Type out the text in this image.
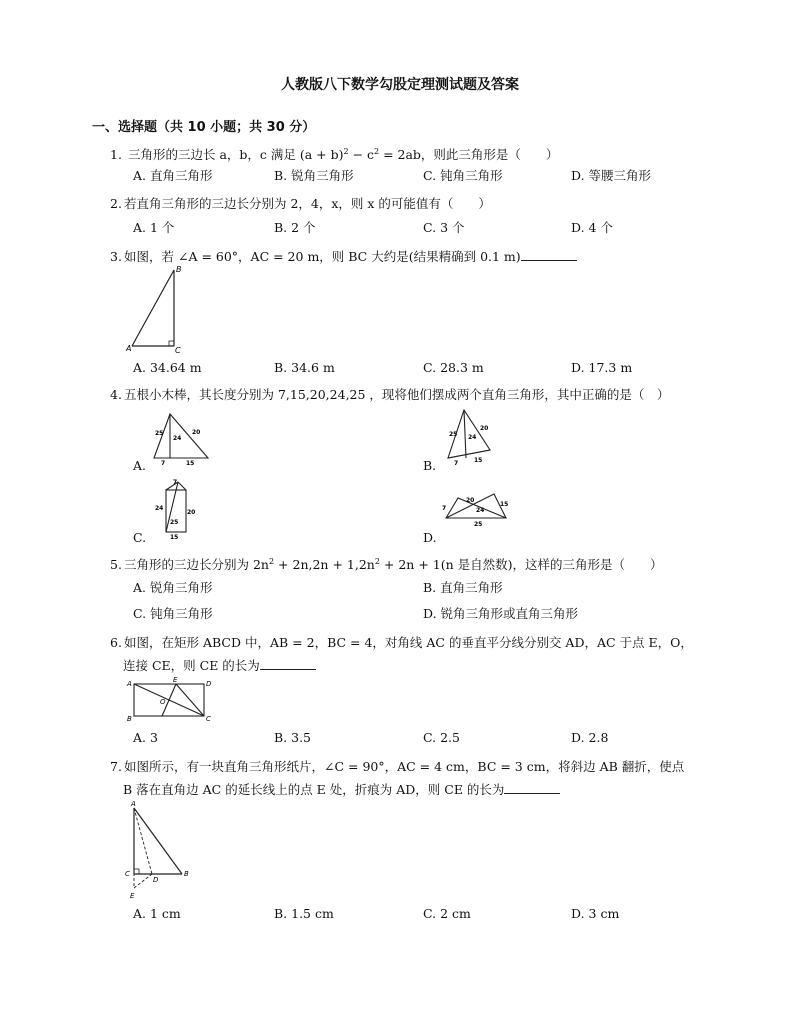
人教版八下数学勾股定理测试题及答案
一、选择题（共 10 小题；共 30 分）
1. 三角形的三边长 a，b，c 满足 $(a + b)^2 - c^2 = 2ab$，则此三角形是（　　）
A. 直角三角形	B. 锐角三角形	C. 钝角三角形	D. 等腰三角形
2. 若直角三角形的三边长分别为 2，4，x，则 x 的可能值有（　　）
A. 1 个	B. 2 个	C. 3 个	D. 4 个
3. 如图，若 ∠A = 60°，AC = 20 m，则 BC 大约是(结果精确到 0.1 m)
B
A	C
A. 34.64 m	B. 34.6 m	C. 28.3 m	D. 17.3 m
4. 五根小木棒，其长度分别为 7,15,20,24,25 ，现将他们摆成两个直角三角形，其中正确的是（　）
A.
25
24
20
7	15	B.
25 24
20
7	15
C.
7
24
25
20
15	D.
7
20
24
15
25
5. 三角形的三边长分别为 $2n^2 + 2n,2n + 1,2n^2 + 2n + 1(n$ 是自然数)，这样的三角形是（　　）
A. 锐角三角形	B. 直角三角形
C. 钝角三角形	D. 锐角三角形或直角三角形
6. 如图，在矩形 ABCD 中，AB = 2，BC = 4，对角线 AC 的垂直平分线分别交 AD，AC 于点 E，O，
连接 CE，则 CE 的长为
A	E	D
O
B	C
A. 3	B. 3.5	C. 2.5	D. 2.8
7. 如图所示，有一块直角三角形纸片，∠C = 90°，AC = 4 cm，BC = 3 cm，将斜边 AB 翻折，使点
B 落在直角边 AC 的延长线上的点 E 处，折痕为 AD，则 CE 的长为
A
C
D
B
E
A. 1 cm	B. 1.5 cm	C. 2 cm	D. 3 cm
